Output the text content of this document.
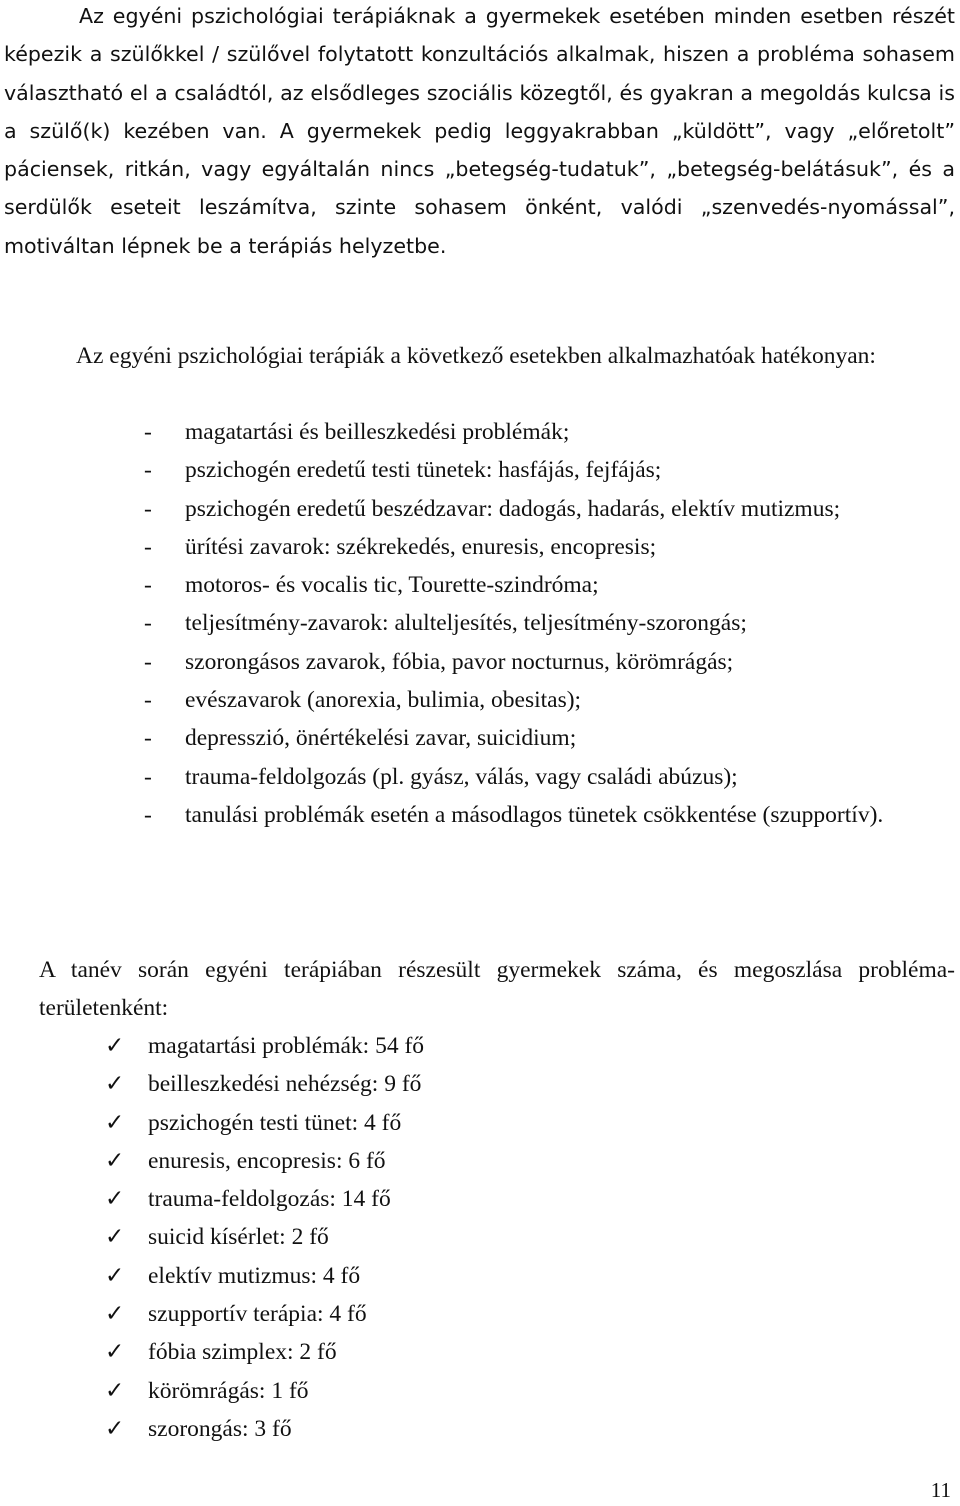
Az egyéni pszichológiai terápiáknak a gyermekek esetében minden esetben részét képezik a szülőkkel / szülővel folytatott konzultációs alkalmak, hiszen a probléma sohasem választható el a családtól, az elsődleges szociális közegtől, és gyakran a megoldás kulcsa is a szülő(k) kezében van. A gyermekek pedig leggyakrabban „küldött”, vagy „előretolt” páciensek, ritkán, vagy egyáltalán nincs „betegség-tudatuk”, „betegség-belátásuk”, és a serdülők eseteit leszámítva, szinte sohasem önként, valódi „szenvedés-nyomással”, motiváltan lépnek be a terápiás helyzetbe.

Az egyéni pszichológiai terápiák a következő esetekben alkalmazhatóak hatékonyan:

- magatartási és beilleszkedési problémák;
- pszichogén eredetű testi tünetek: hasfájás, fejfájás;
- pszichogén eredetű beszédzavar: dadogás, hadarás, elektív mutizmus;
- ürítési zavarok: székrekedés, enuresis, encopresis;
- motoros- és vocalis tic, Tourette-szindróma;
- teljesítmény-zavarok: alulteljesítés, teljesítmény-szorongás;
- szorongásos zavarok, fóbia, pavor nocturnus, körömrágás;
- evészavarok (anorexia, bulimia, obesitas);
- depresszió, önértékelési zavar, suicidium;
- trauma-feldolgozás (pl. gyász, válás, vagy családi abúzus);
- tanulási problémák esetén a másodlagos tünetek csökkentése (szupportív).

A tanév során egyéni terápiában részesült gyermekek száma, és megoszlása probléma-területenként:

✓ magatartási problémák: 54 fő
✓ beilleszkedési nehézség: 9 fő
✓ pszichogén testi tünet: 4 fő
✓ enuresis, encopresis: 6 fő
✓ trauma-feldolgozás: 14 fő
✓ suicid kísérlet: 2 fő
✓ elektív mutizmus: 4 fő
✓ szupportív terápia: 4 fő
✓ fóbia szimplex: 2 fő
✓ körömrágás: 1 fő
✓ szorongás: 3 fő
11
